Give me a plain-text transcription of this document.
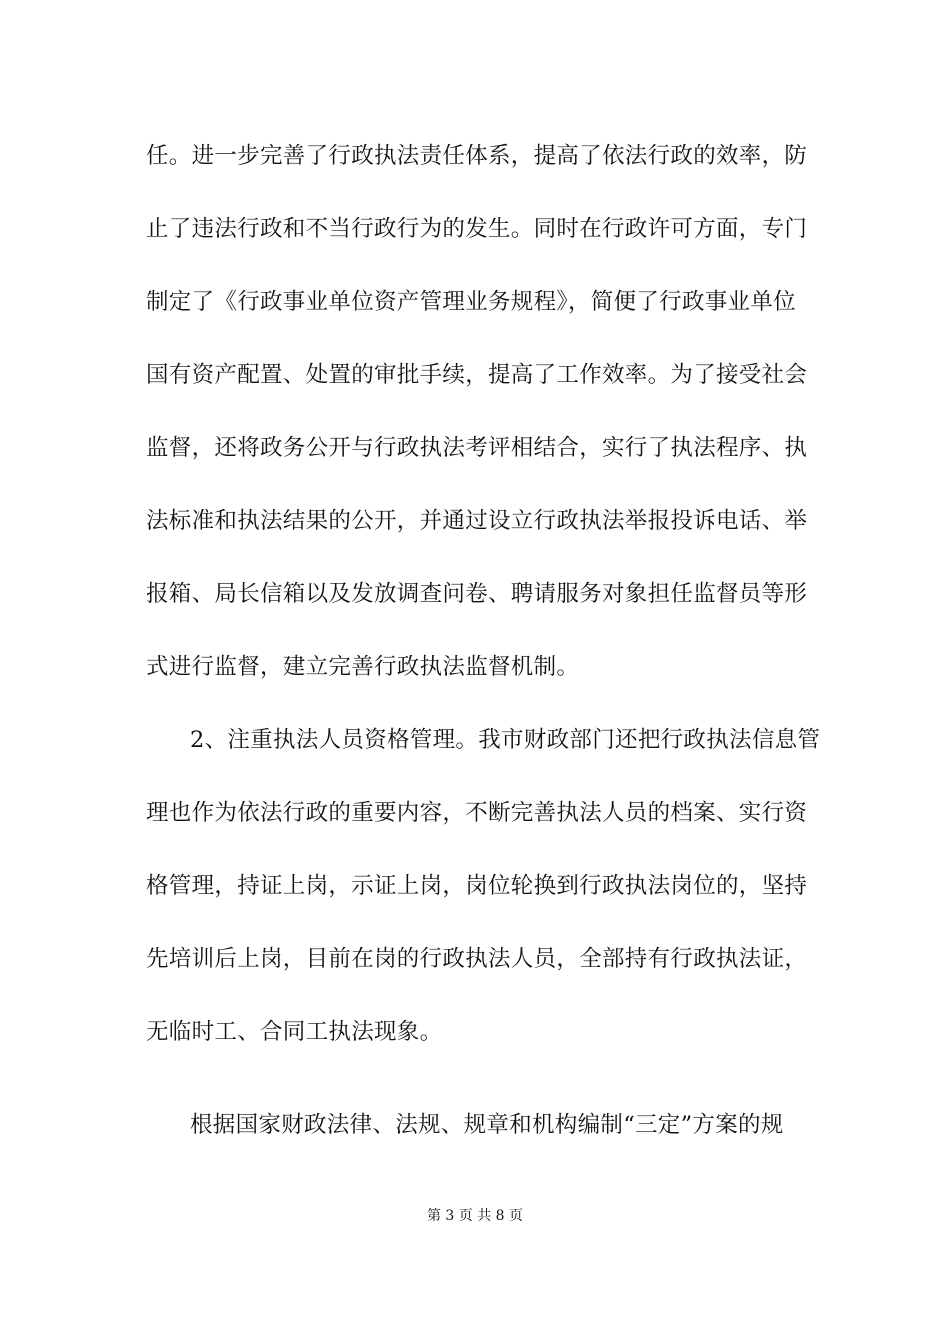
任。进一步完善了行政执法责任体系，提高了依法行政的效率，防
止了违法行政和不当行政行为的发生。同时在行政许可方面，专门
制定了《行政事业单位资产管理业务规程》，简便了行政事业单位
国有资产配置、处置的审批手续，提高了工作效率。为了接受社会
监督，还将政务公开与行政执法考评相结合，实行了执法程序、执
法标准和执法结果的公开，并通过设立行政执法举报投诉电话、举
报箱、局长信箱以及发放调查问卷、聘请服务对象担任监督员等形
式进行监督，建立完善行政执法监督机制。
2、注重执法人员资格管理。我市财政部门还把行政执法信息管
理也作为依法行政的重要内容，不断完善执法人员的档案、实行资
格管理，持证上岗，示证上岗，岗位轮换到行政执法岗位的，坚持
先培训后上岗，目前在岗的行政执法人员，全部持有行政执法证，
无临时工、合同工执法现象。
根据国家财政法律、法规、规章和机构编制“三定”方案的规
第 3 页 共 8 页
